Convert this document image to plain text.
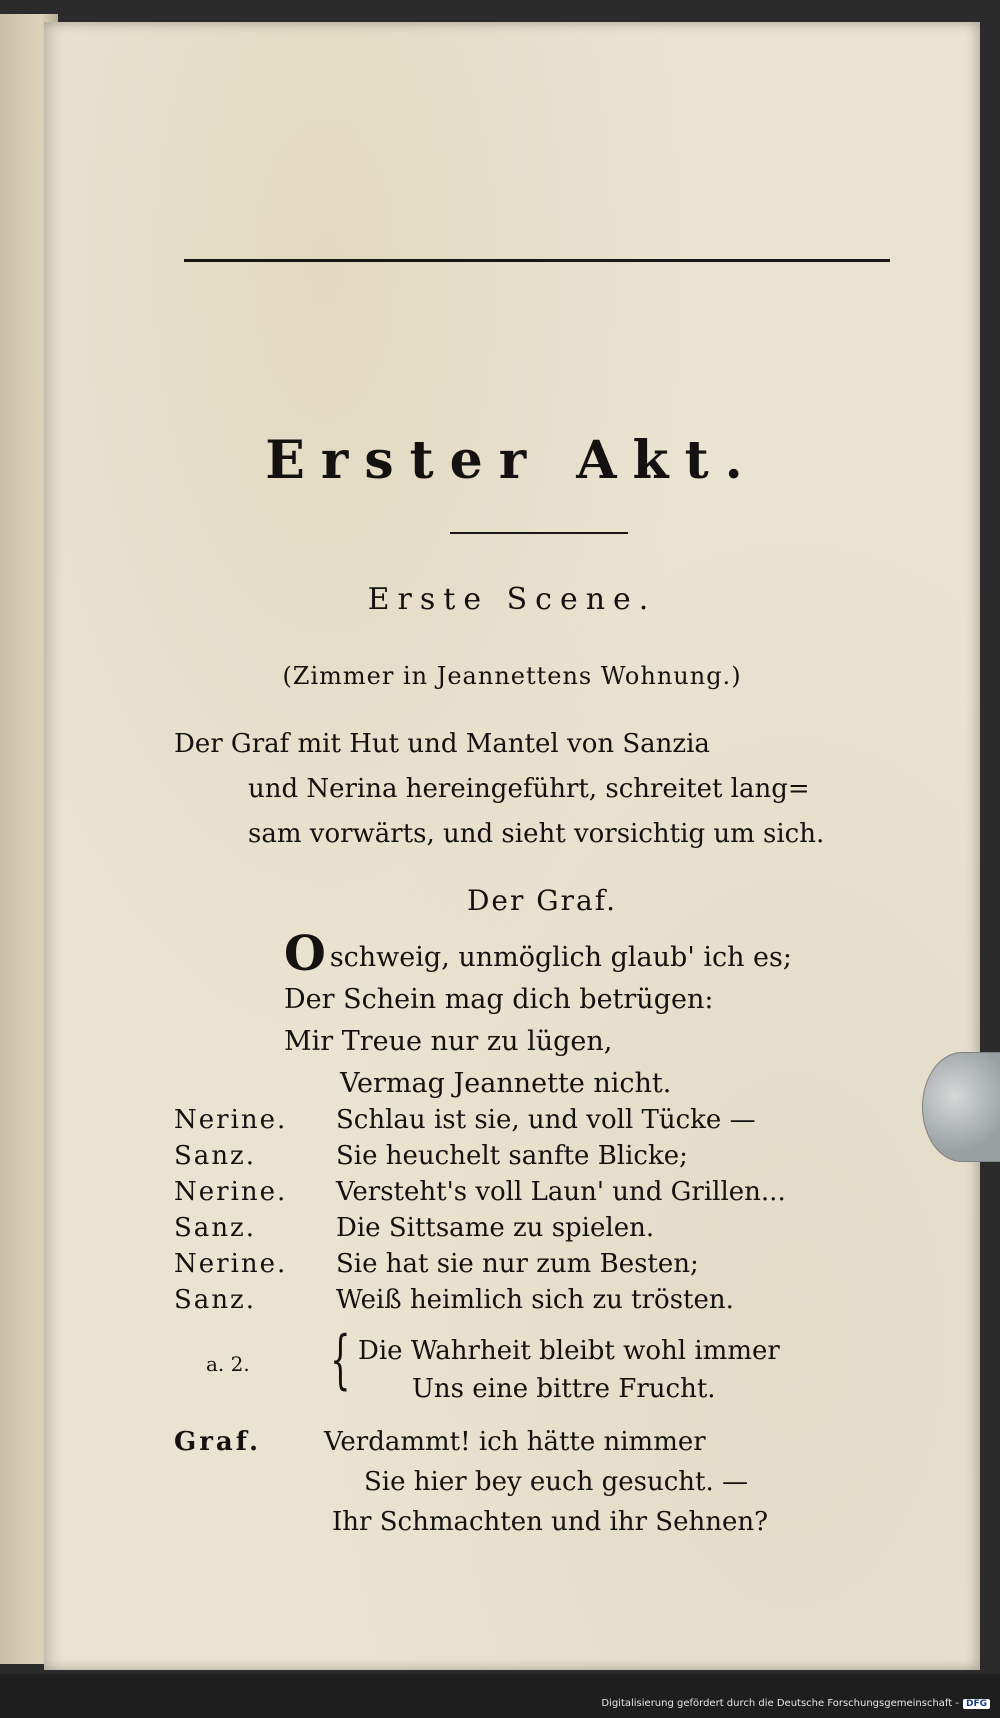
Erster Akt.
Erste Scene.
(Zimmer in Jeannettens Wohnung.)
Der Graf mit Hut und Mantel von Sanzia
und Nerina hereingeführt, schreitet lang=
sam vorwärts, und sieht vorsichtig um sich.
Der Graf.
Oschweig, unmöglich glaub' ich es;
Der Schein mag dich betrügen:
Mir Treue nur zu lügen,
Vermag Jeannette nicht.
Nerine.	Schlau ist sie, und voll Tücke —
Sanz.	Sie heuchelt sanfte Blicke;
Nerine.	Versteht's voll Laun' und Grillen...
Sanz.	Die Sittsame zu spielen.
Nerine.	Sie hat sie nur zum Besten;
Sanz.	Weiß heimlich sich zu trösten.
a. 2. { Die Wahrheit bleibt wohl immer
Uns eine bittre Frucht.
Graf.	Verdammt! ich hätte nimmer
Sie hier bey euch gesucht. —
Ihr Schmachten und ihr Sehnen?
Digitalisierung gefördert durch die Deutsche Forschungsgemeinschaft - DFG
